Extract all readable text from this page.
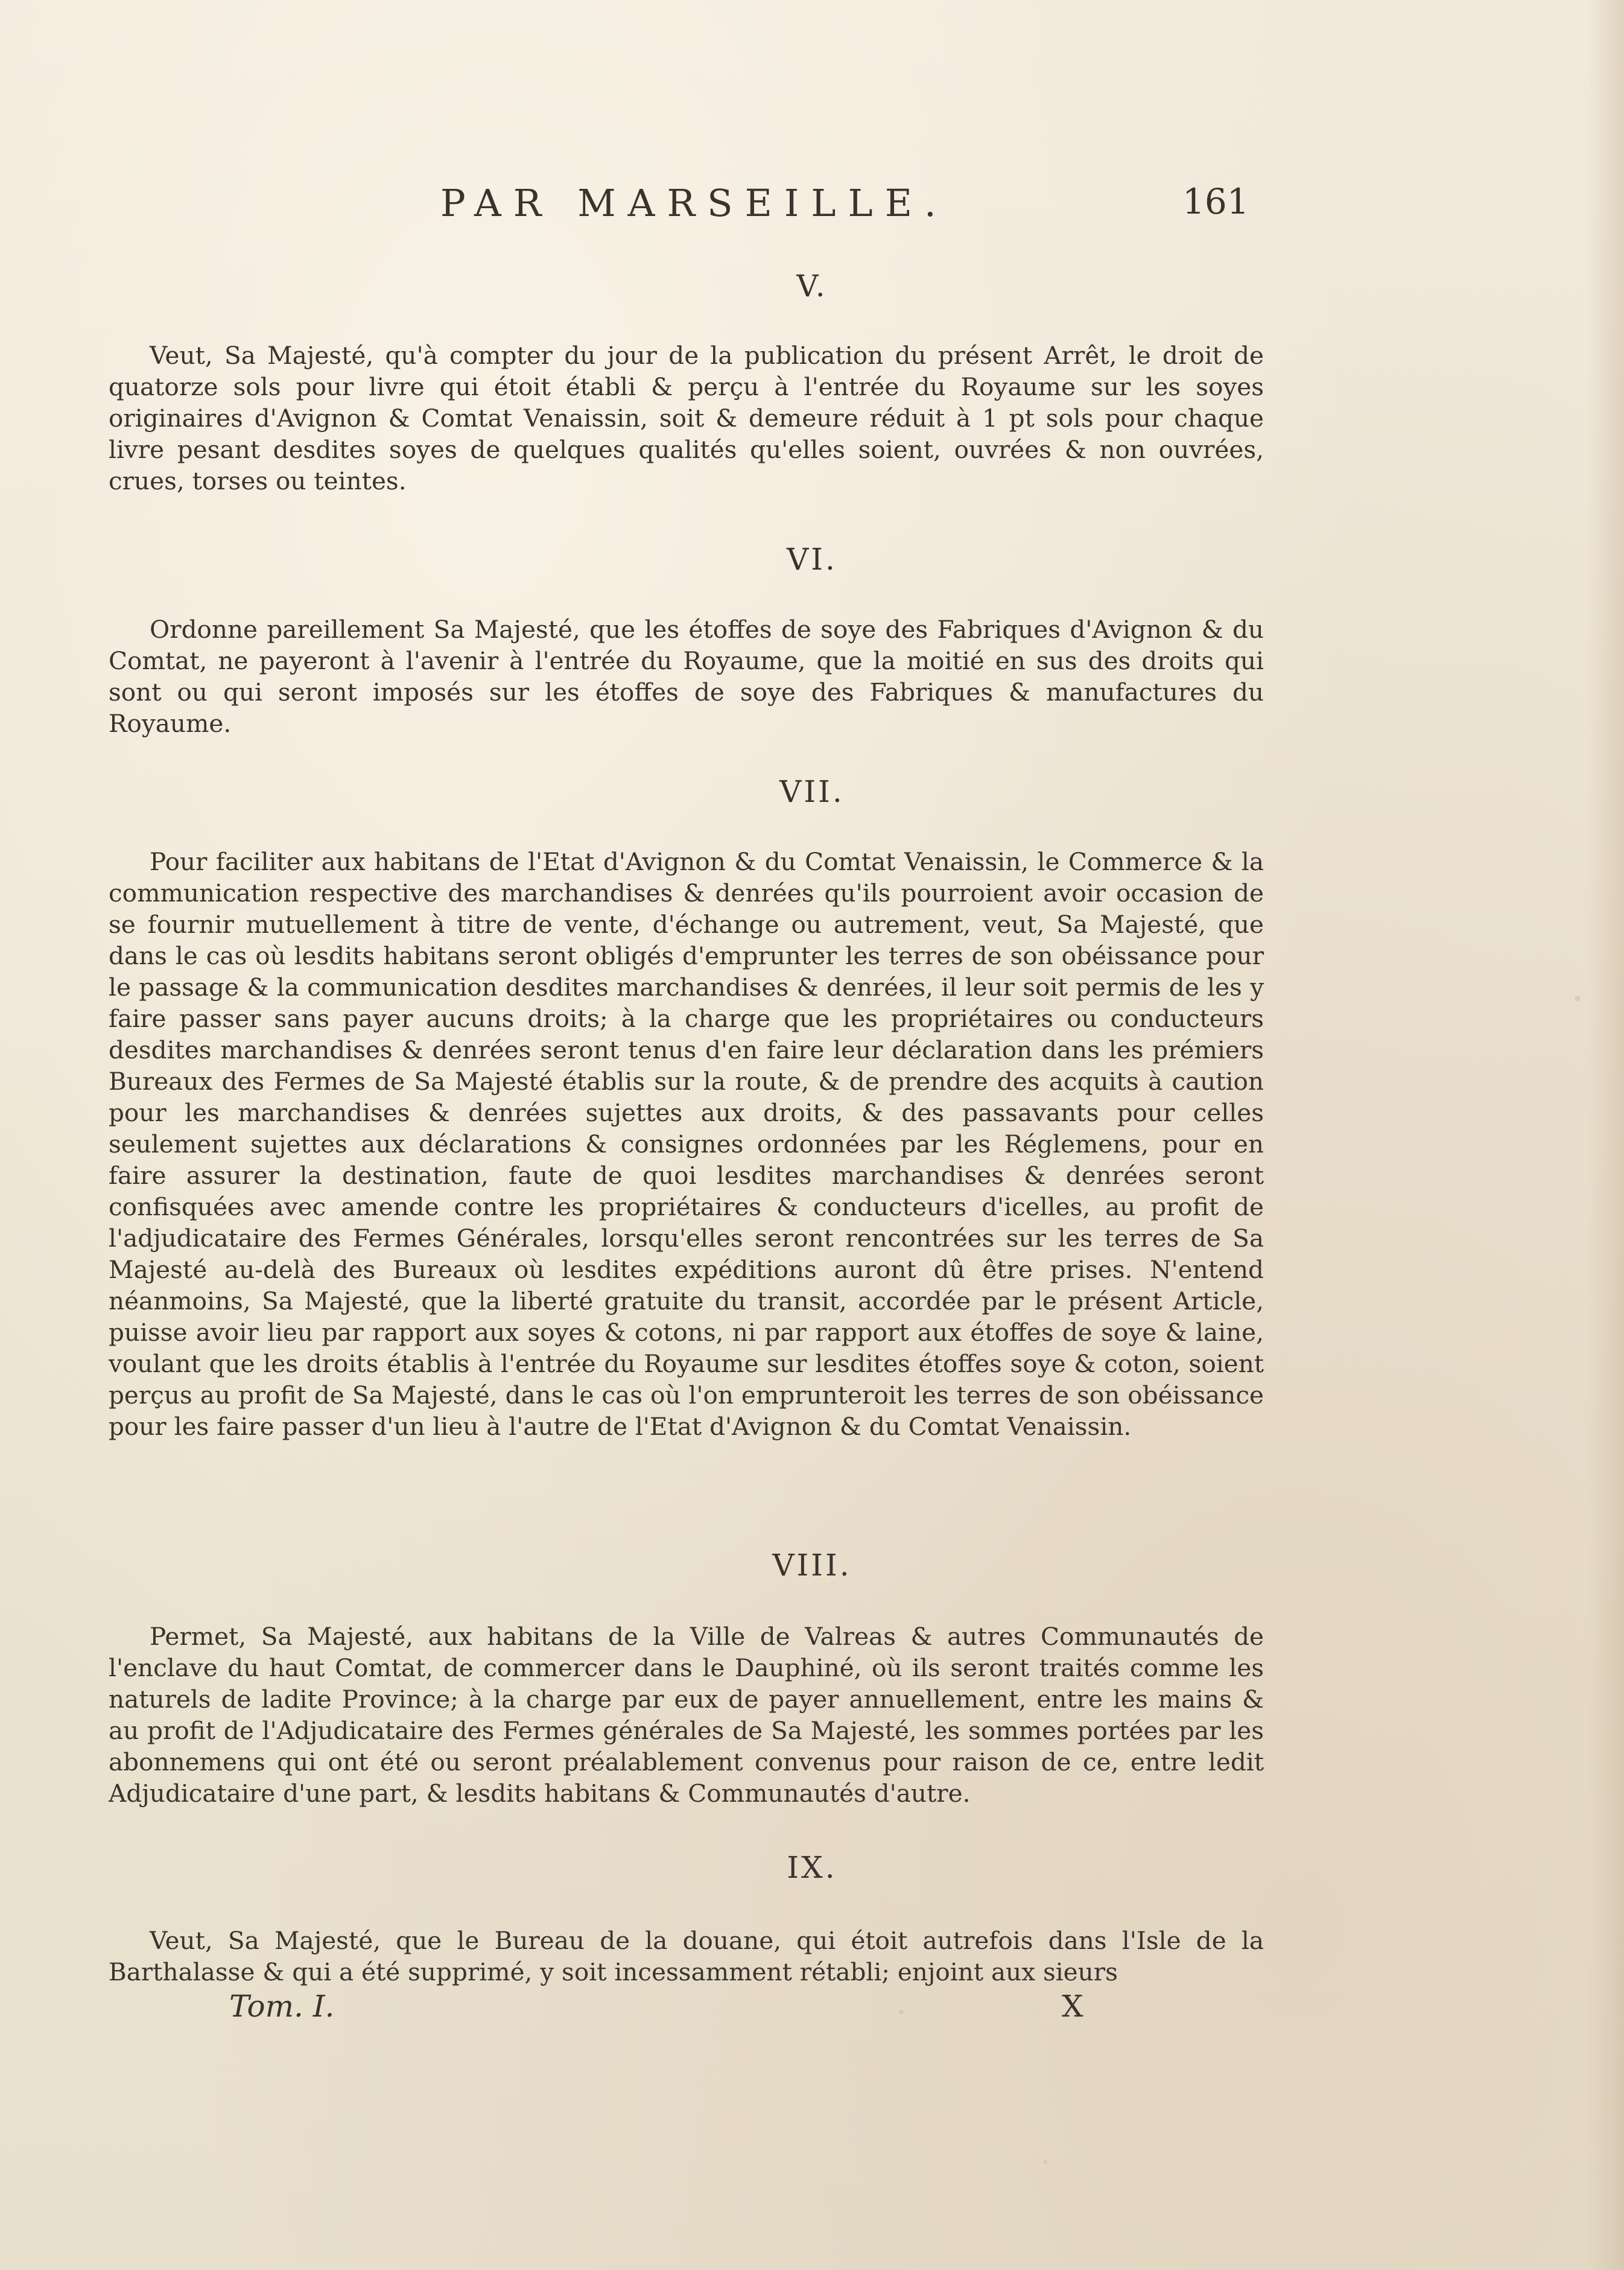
PAR MARSEILLE.	161
V.
Veut, Sa Majesté, qu'à compter du jour de la publication du présent Arrêt, le droit de quatorze sols pour livre qui étoit établi & perçu à l'entrée du Royaume sur les soyes originaires d'Avignon & Comtat Venaissin, soit & demeure réduit à 1 pt sols pour chaque livre pesant desdites soyes de quelques qualités qu'elles soient, ouvrées & non ouvrées, crues, torses ou teintes.
VI.
Ordonne pareillement Sa Majesté, que les étoffes de soye des Fabriques d'Avignon & du Comtat, ne payeront à l'avenir à l'entrée du Royaume, que la moitié en sus des droits qui sont ou qui seront imposés sur les étoffes de soye des Fabriques & manufactures du Royaume.
VII.
Pour faciliter aux habitans de l'Etat d'Avignon & du Comtat Venaissin, le Commerce & la communication respective des marchandises & denrées qu'ils pourroient avoir occasion de se fournir mutuellement à titre de vente, d'échange ou autrement, veut, Sa Majesté, que dans le cas où lesdits habitans seront obligés d'emprunter les terres de son obéissance pour le passage & la communication desdites marchandises & denrées, il leur soit permis de les y faire passer sans payer aucuns droits; à la charge que les propriétaires ou conducteurs desdites marchandises & denrées seront tenus d'en faire leur déclaration dans les prémiers Bureaux des Fermes de Sa Majesté établis sur la route, & de prendre des acquits à caution pour les marchandises & denrées sujettes aux droits, & des passavants pour celles seulement sujettes aux déclarations & consignes ordonnées par les Réglemens, pour en faire assurer la destination, faute de quoi lesdites marchandises & denrées seront confisquées avec amende contre les propriétaires & conducteurs d'icelles, au profit de l'adjudicataire des Fermes Générales, lorsqu'elles seront rencontrées sur les terres de Sa Majesté au-delà des Bureaux où lesdites expéditions auront dû être prises. N'entend néanmoins, Sa Majesté, que la liberté gratuite du transit, accordée par le présent Article, puisse avoir lieu par rapport aux soyes & cotons, ni par rapport aux étoffes de soye & laine, voulant que les droits établis à l'entrée du Royaume sur lesdites étoffes soye & coton, soient perçus au profit de Sa Majesté, dans le cas où l'on emprunteroit les terres de son obéissance pour les faire passer d'un lieu à l'autre de l'Etat d'Avignon & du Comtat Venaissin.
VIII.
Permet, Sa Majesté, aux habitans de la Ville de Valreas & autres Communautés de l'enclave du haut Comtat, de commercer dans le Dauphiné, où ils seront traités comme les naturels de ladite Province; à la charge par eux de payer annuellement, entre les mains & au profit de l'Adjudicataire des Fermes générales de Sa Majesté, les sommes portées par les abonnemens qui ont été ou seront préalablement convenus pour raison de ce, entre ledit Adjudicataire d'une part, & lesdits habitans & Communautés d'autre.
IX.
Veut, Sa Majesté, que le Bureau de la douane, qui étoit autrefois dans l'Isle de la Barthalasse & qui a été supprimé, y soit incessamment rétabli; enjoint aux sieurs
Tom. I.	X
